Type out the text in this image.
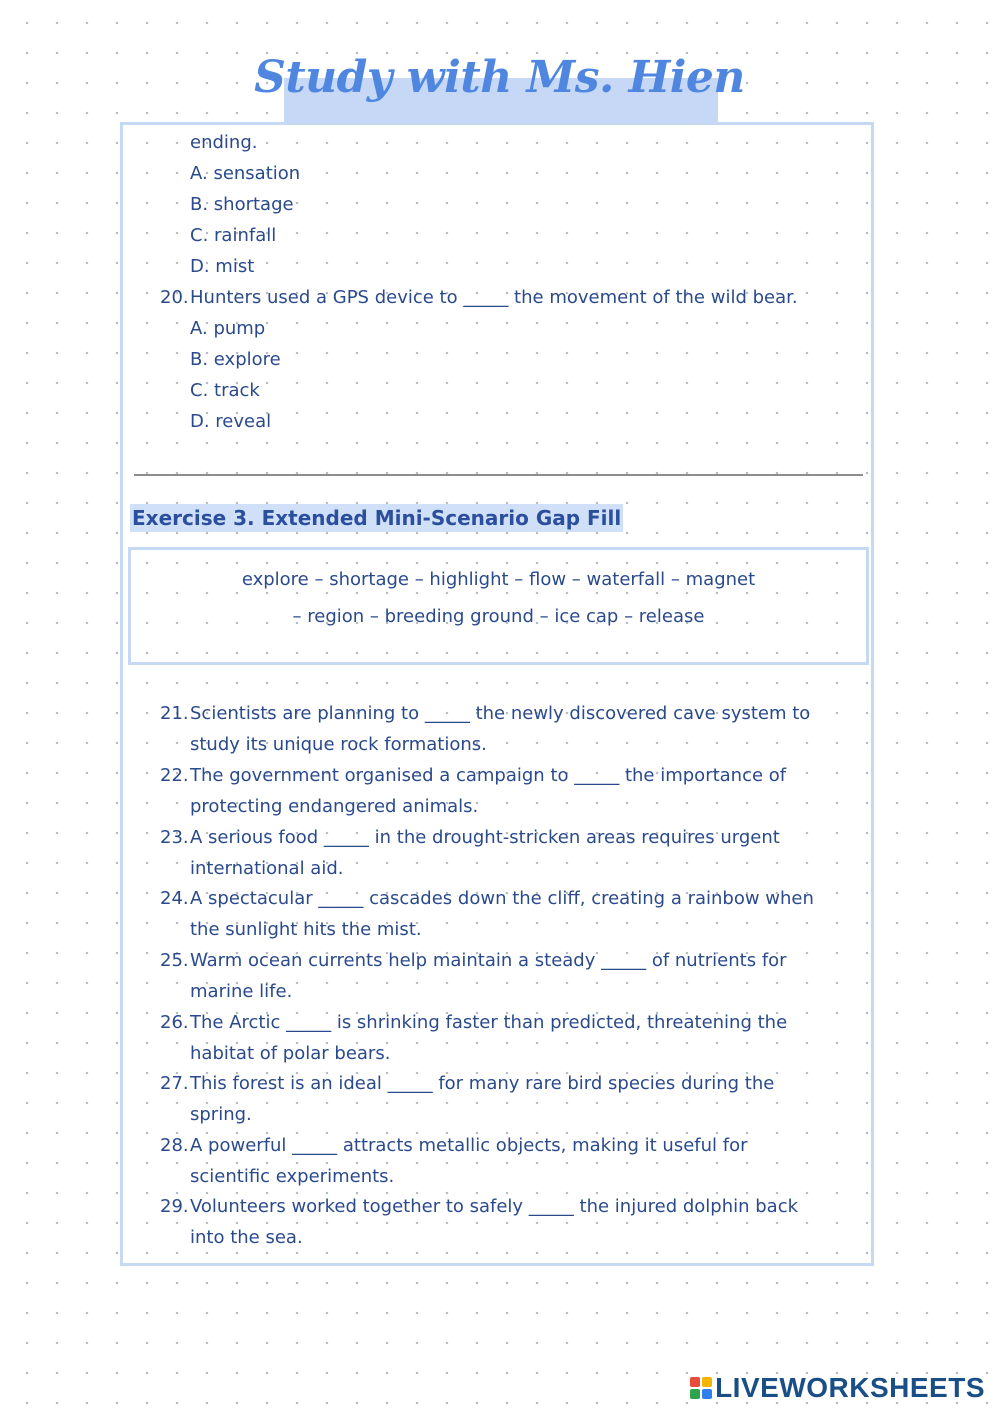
Study with Ms. Hien
ending.
A. sensation
B. shortage
C. rainfall
D. mist
20. Hunters used a GPS device to _____ the movement of the wild bear.
A. pump
B. explore
C. track
D. reveal
Exercise 3. Extended Mini-Scenario Gap Fill
explore – shortage – highlight – flow – waterfall – magnet
– region – breeding ground – ice cap – release
21. Scientists are planning to _____ the newly discovered cave system to
study its unique rock formations.
22. The government organised a campaign to _____ the importance of
protecting endangered animals.
23. A serious food _____ in the drought-stricken areas requires urgent
international aid.
24. A spectacular _____ cascades down the cliff, creating a rainbow when
the sunlight hits the mist.
25. Warm ocean currents help maintain a steady _____ of nutrients for
marine life.
26. The Arctic _____ is shrinking faster than predicted, threatening the
habitat of polar bears.
27. This forest is an ideal _____ for many rare bird species during the
spring.
28. A powerful _____ attracts metallic objects, making it useful for
scientific experiments.
29. Volunteers worked together to safely _____ the injured dolphin back
into the sea.
LIVEWORKSHEETS
